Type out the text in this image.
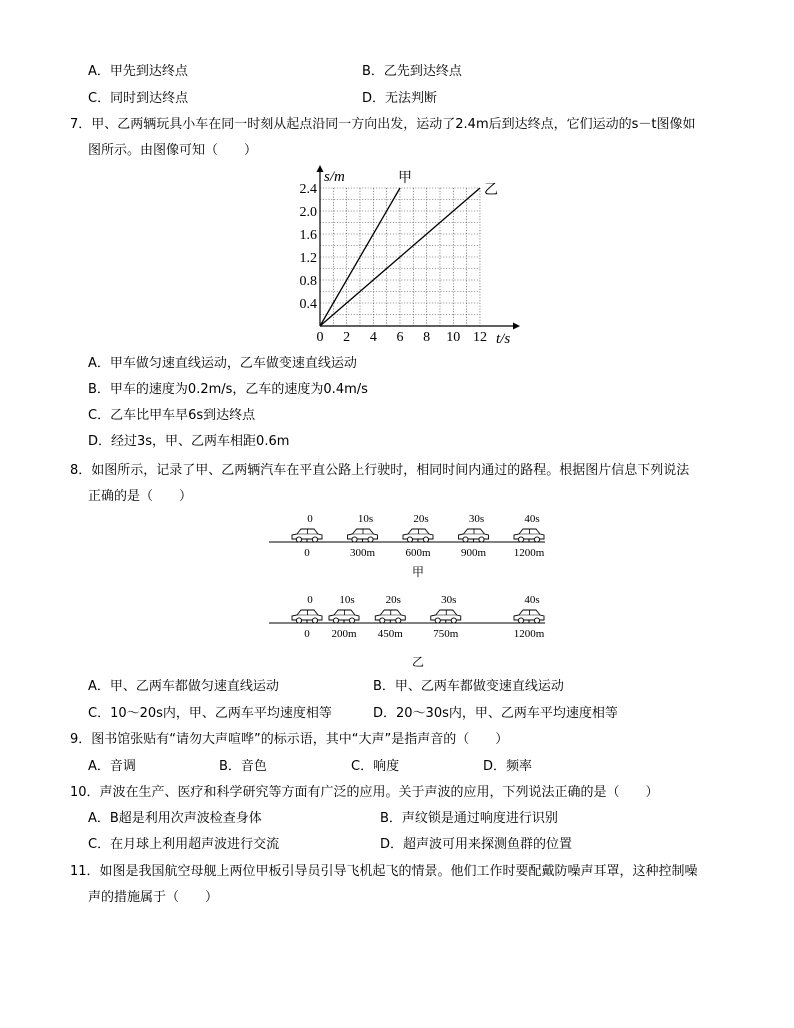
A．甲先到达终点	B．乙先到达终点
C．同时到达终点	D．无法判断
7．甲、乙两辆玩具小车在同一时刻从起点沿同一方向出发，运动了2.4m后到达终点，它们运动的s－t图像如
图所示。由图像可知（　　）
0 2 4 6 8 10 12
0.4
0.8
1.2
1.6
2.0
2.4
s/m
t/s
甲
乙
A．甲车做匀速直线运动，乙车做变速直线运动
B．甲车的速度为0.2m/s，乙车的速度为0.4m/s
C．乙车比甲车早6s到达终点
D．经过3s，甲、乙两车相距0.6m
8．如图所示，记录了甲、乙两辆汽车在平直公路上行驶时，相同时间内通过的路程。根据图片信息下列说法
正确的是（　　）
0
0
10s
300m
20s
600m
30s
900m
40s
1200m
甲
0
0
10s
200m
20s
450m
30s
750m
40s
1200m
乙
A．甲、乙两车都做匀速直线运动	B．甲、乙两车都做变速直线运动
C．10～20s内，甲、乙两车平均速度相等	D．20～30s内，甲、乙两车平均速度相等
9．图书馆张贴有“请勿大声喧哗”的标示语，其中“大声”是指声音的（　　）
A．音调	B．音色	C．响度	D．频率
10．声波在生产、医疗和科学研究等方面有广泛的应用。关于声波的应用，下列说法正确的是（　　）
A．B超是利用次声波检查身体	B．声纹锁是通过响度进行识别
C．在月球上利用超声波进行交流	D．超声波可用来探测鱼群的位置
11．如图是我国航空母舰上两位甲板引导员引导飞机起飞的情景。他们工作时要配戴防噪声耳罩，这种控制噪
声的措施属于（　　）
